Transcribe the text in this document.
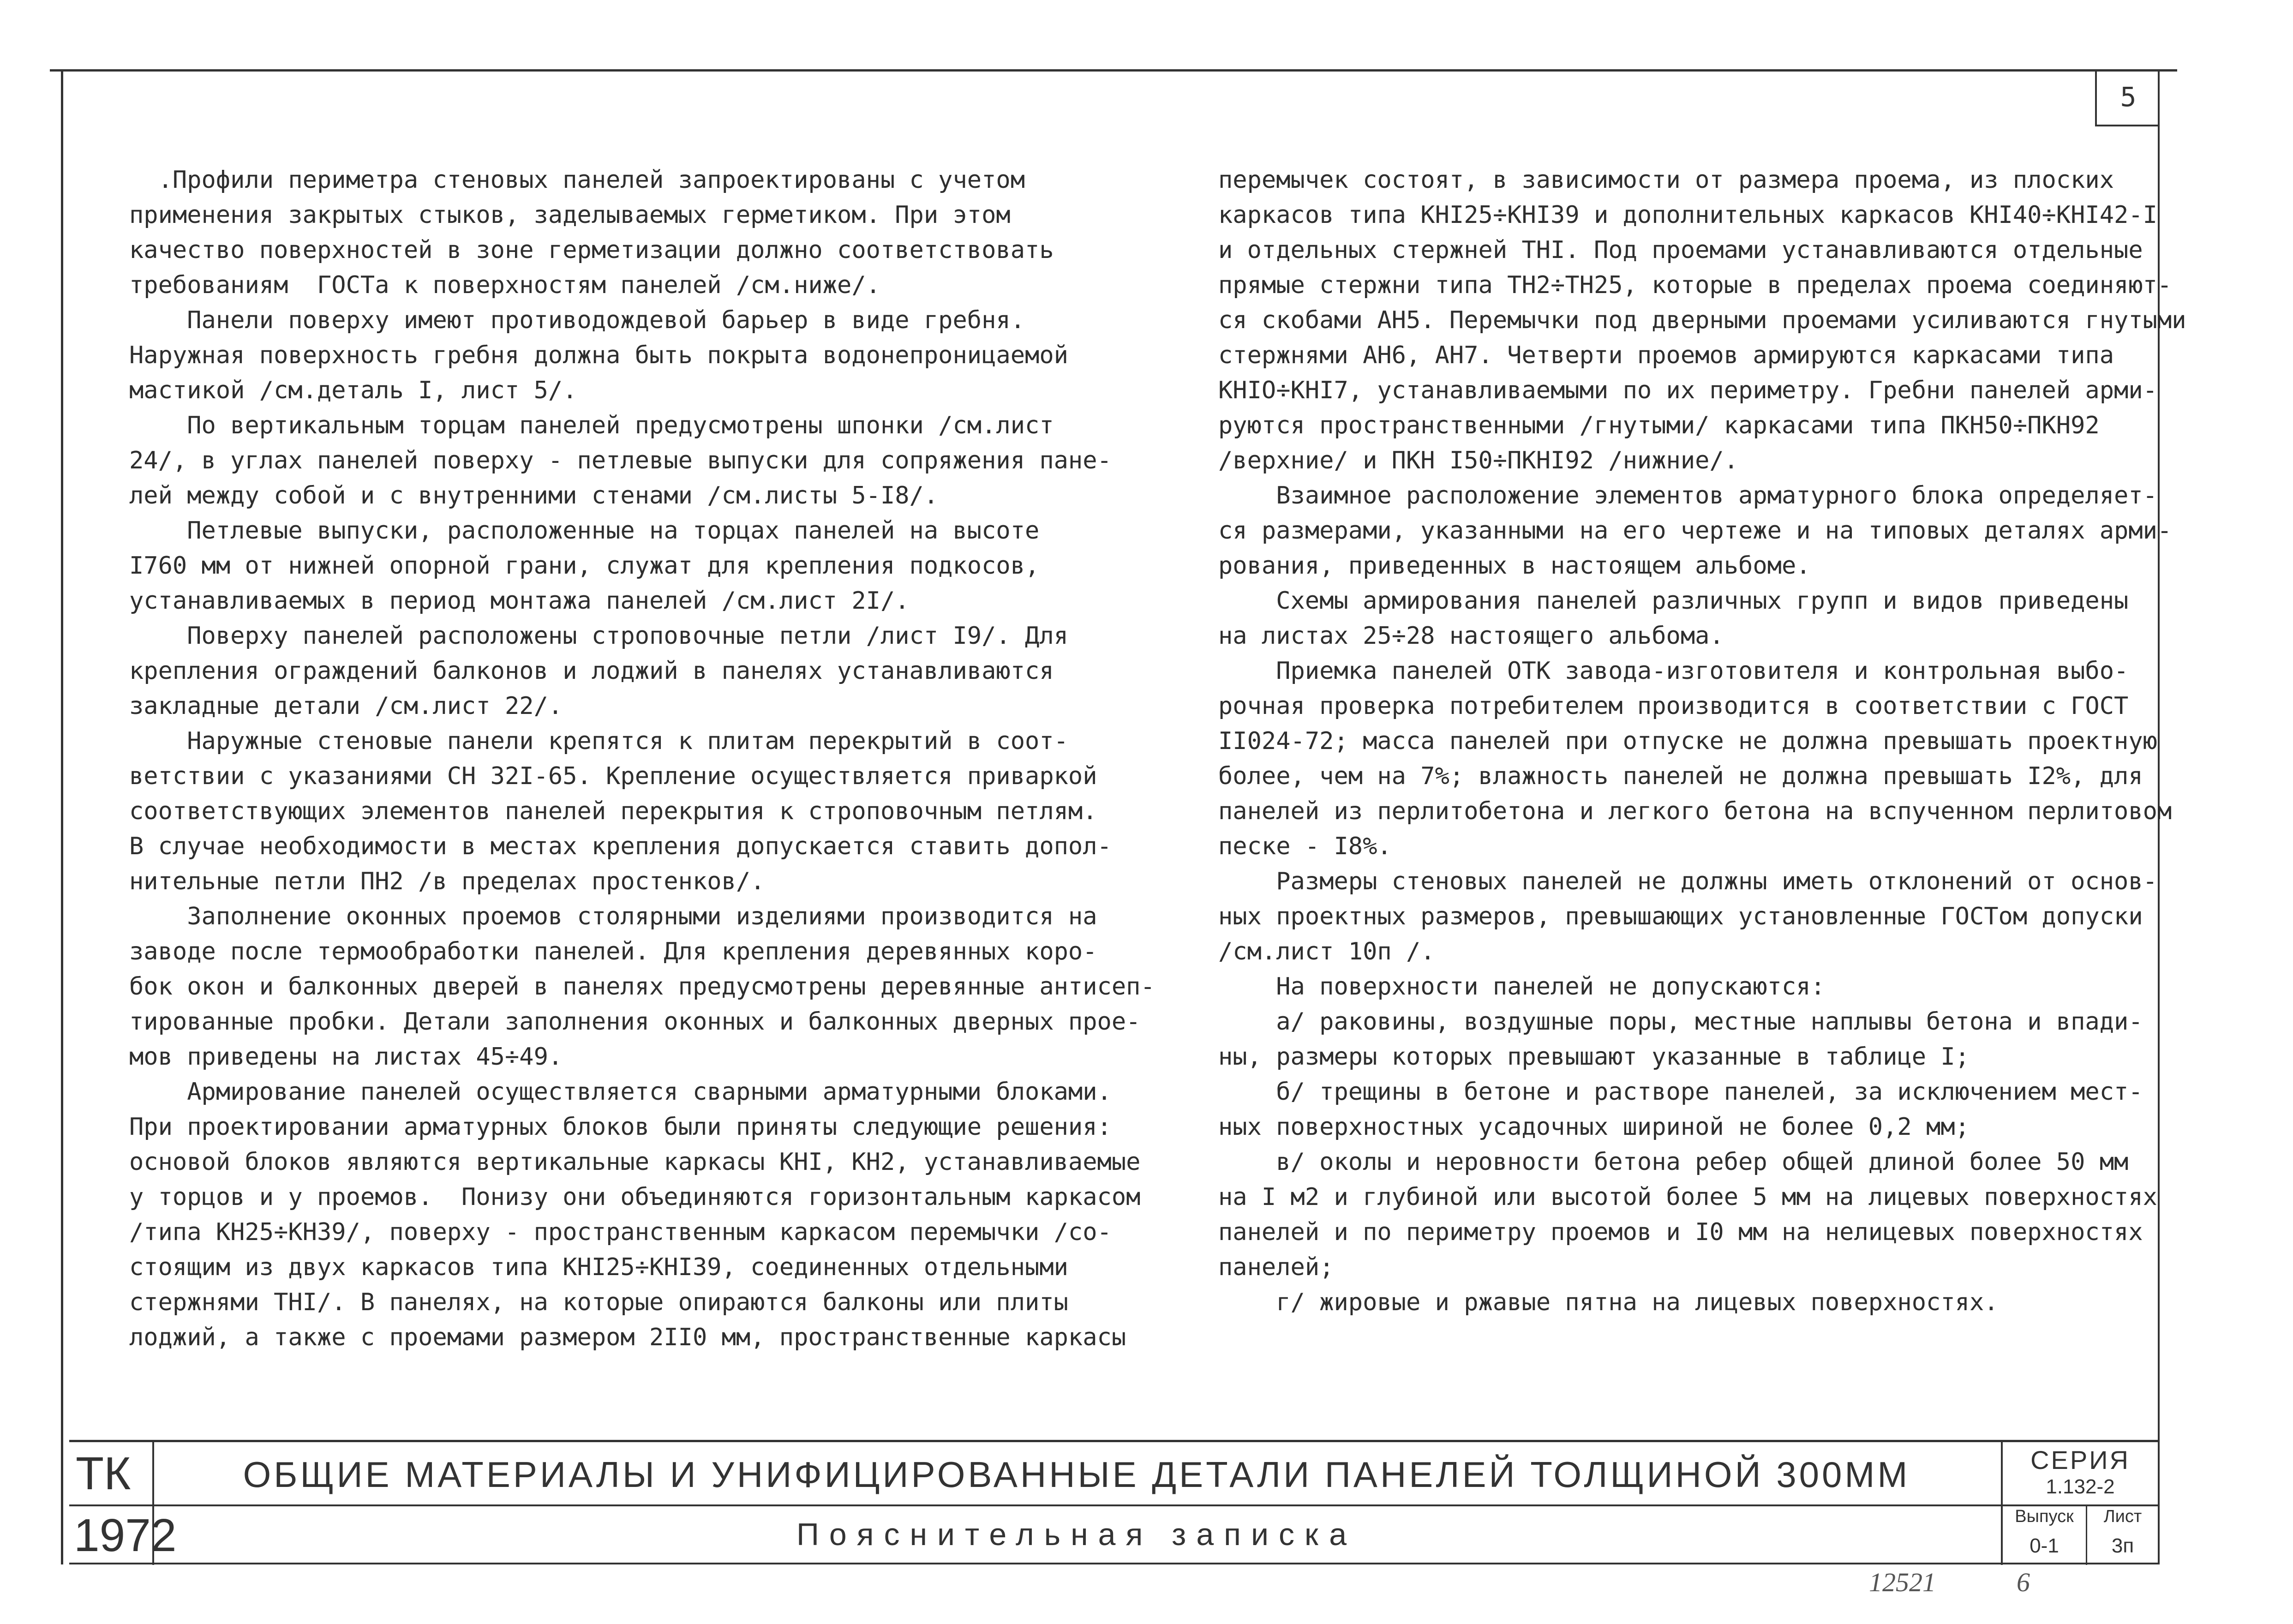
5
.Профили периметра стеновых панелей запроектированы с учетом
применения закрытых стыков, заделываемых герметиком. При этом
качество поверхностей в зоне герметизации должно соответствовать
требованиям  ГОСТа к поверхностям панелей /см.ниже/.
Панели поверху имеют противодождевой барьер в виде гребня.
Наружная поверхность гребня должна быть покрыта водонепроницаемой
мастикой /см.деталь I, лист 5/.
По вертикальным торцам панелей предусмотрены шпонки /см.лист
24/, в углах панелей поверху - петлевые выпуски для сопряжения пане-
лей между собой и с внутренними стенами /см.листы 5-I8/.
Петлевые выпуски, расположенные на торцах панелей на высоте
I760 мм от нижней опорной грани, служат для крепления подкосов,
устанавливаемых в период монтажа панелей /см.лист 2I/.
Поверху панелей расположены строповочные петли /лист I9/. Для
крепления ограждений балконов и лоджий в панелях устанавливаются
закладные детали /см.лист 22/.
Наружные стеновые панели крепятся к плитам перекрытий в соот-
ветствии с указаниями СН 32I-65. Крепление осуществляется приваркой
соответствующих элементов панелей перекрытия к строповочным петлям.
В случае необходимости в местах крепления допускается ставить допол-
нительные петли ПН2 /в пределах простенков/.
Заполнение оконных проемов столярными изделиями производится на
заводе после термообработки панелей. Для крепления деревянных коро-
бок окон и балконных дверей в панелях предусмотрены деревянные антисеп-
тированные пробки. Детали заполнения оконных и балконных дверных прое-
мов приведены на листах 45÷49.
Армирование панелей осуществляется сварными арматурными блоками.
При проектировании арматурных блоков были приняты следующие решения:
основой блоков являются вертикальные каркасы КНI, КН2, устанавливаемые
у торцов и у проемов.  Понизу они объединяются горизонтальным каркасом
/типа КН25÷КН39/, поверху - пространственным каркасом перемычки /со-
стоящим из двух каркасов типа КНI25÷КНI39, соединенных отдельными
стержнями ТНI/. В панелях, на которые опираются балконы или плиты
лоджий, а также с проемами размером 2II0 мм, пространственные каркасы
перемычек состоят, в зависимости от размера проема, из плоских
каркасов типа КНI25÷КНI39 и дополнительных каркасов КНI40÷КНI42-I
и отдельных стержней ТНI. Под проемами устанавливаются отдельные
прямые стержни типа ТН2÷ТН25, которые в пределах проема соединяют-
ся скобами АН5. Перемычки под дверными проемами усиливаются гнутыми
стержнями АН6, АН7. Четверти проемов армируются каркасами типа
КНIО÷КНI7, устанавливаемыми по их периметру. Гребни панелей арми-
руются пространственными /гнутыми/ каркасами типа ПКН50÷ПКН92
/верхние/ и ПКН I50÷ПКНI92 /нижние/.
Взаимное расположение элементов арматурного блока определяет-
ся размерами, указанными на его чертеже и на типовых деталях арми-
рования, приведенных в настоящем альбоме.
Схемы армирования панелей различных групп и видов приведены
на листах 25÷28 настоящего альбома.
Приемка панелей ОТК завода-изготовителя и контрольная выбо-
рочная проверка потребителем производится в соответствии с ГОСТ
II024-72; масса панелей при отпуске не должна превышать проектную
более, чем на 7%; влажность панелей не должна превышать I2%, для
панелей из перлитобетона и легкого бетона на вспученном перлитовом
песке - I8%.
Размеры стеновых панелей не должны иметь отклонений от основ-
ных проектных размеров, превышающих установленные ГОСТом допуски
/см.лист 10п /.
На поверхности панелей не допускаются:
а/ раковины, воздушные поры, местные наплывы бетона и впади-
ны, размеры которых превышают указанные в таблице I;
б/ трещины в бетоне и растворе панелей, за исключением мест-
ных поверхностных усадочных шириной не более 0,2 мм;
в/ околы и неровности бетона ребер общей длиной более 50 мм
на I м2 и глубиной или высотой более 5 мм на лицевых поверхностях
панелей и по периметру проемов и I0 мм на нелицевых поверхностях
панелей;
г/ жировые и ржавые пятна на лицевых поверхностях.
ТК
1972
ОБЩИЕ МАТЕРИАЛЫ И УНИФИЦИРОВАННЫЕ ДЕТАЛИ ПАНЕЛЕЙ ТОЛЩИНОЙ 300ММ
Пояснительная записка
СЕРИЯ
1.132-2
Выпуск
0-1
Лист
3п
12521	6
